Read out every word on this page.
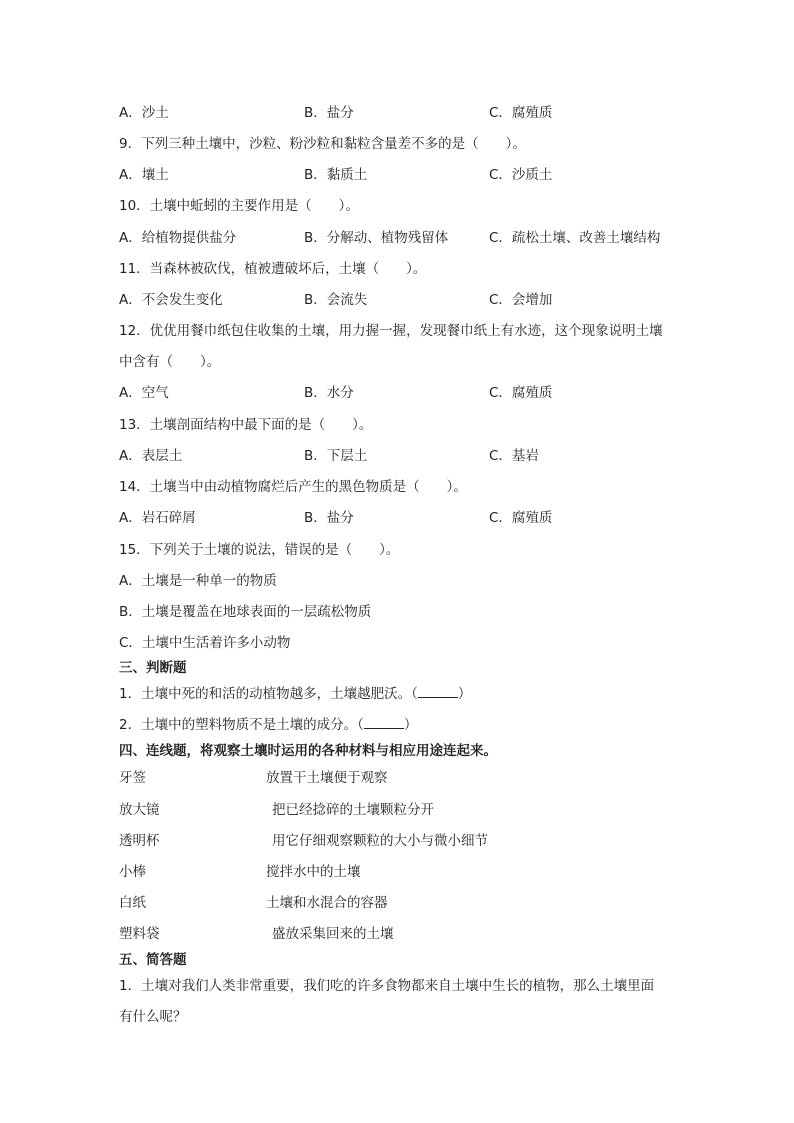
A．沙土	B．盐分	C．腐殖质
9．下列三种土壤中，沙粒、粉沙粒和黏粒含量差不多的是（　　）。
A．壤土	B．黏质土	C．沙质土
10．土壤中蚯蚓的主要作用是（　　）。
A．给植物提供盐分	B．分解动、植物残留体	C．疏松土壤、改善土壤结构
11．当森林被砍伐，植被遭破坏后，土壤（　　）。
A．不会发生变化	B．会流失	C．会增加
12．优优用餐巾纸包住收集的土壤，用力握一握，发现餐巾纸上有水迹，这个现象说明土壤
中含有（　　）。
A．空气	B．水分	C．腐殖质
13．土壤剖面结构中最下面的是（　　）。
A．表层土	B．下层土	C．基岩
14．土壤当中由动植物腐烂后产生的黑色物质是（　　）。
A．岩石碎屑	B．盐分	C．腐殖质
15．下列关于土壤的说法，错误的是（　　）。
A．土壤是一种单一的物质
B．土壤是覆盖在地球表面的一层疏松物质
C．土壤中生活着许多小动物
三、判断题
1．土壤中死的和活的动植物越多，土壤越肥沃。（	）
2．土壤中的塑料物质不是土壤的成分。（	）
四、连线题，将观察土壤时运用的各种材料与相应用途连起来。
牙签	放置干土壤便于观察
放大镜	把已经捻碎的土壤颗粒分开
透明杯	用它仔细观察颗粒的大小与微小细节
小棒	搅拌水中的土壤
白纸	土壤和水混合的容器
塑料袋	盛放采集回来的土壤
五、简答题
1．土壤对我们人类非常重要，我们吃的许多食物都来自土壤中生长的植物，那么土壤里面
有什么呢？
